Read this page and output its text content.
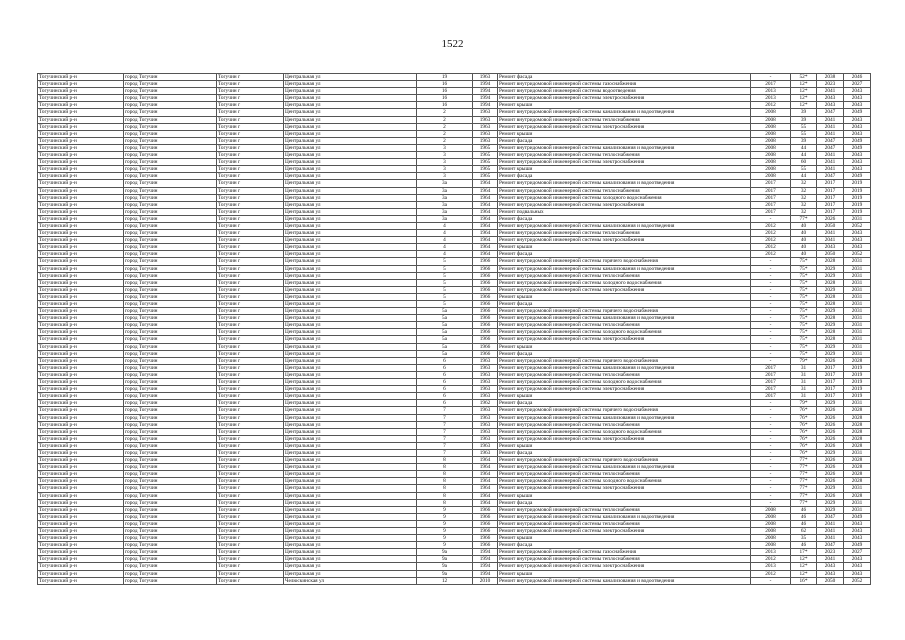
1522
Тогучинский р-н	город Тогучин	Тогучин г	Центральная ул	19	1963	Ремонт фасада	-	52*	2038	2046
Тогучинский р-н	город Тогучин	Тогучин г	Центральная ул	16	1994	Ремонт внутридомовой инженерной системы газоснабжения	2017	12*	2023	2027
Тогучинский р-н	город Тогучин	Тогучин г	Центральная ул	16	1994	Ремонт внутридомовой инженерной системы водоотведения	2013	12*	2041	2043
Тогучинский р-н	город Тогучин	Тогучин г	Центральная ул	16	1994	Ремонт внутридомовой инженерной системы электроснабжения	2013	12*	2043	2043
Тогучинский р-н	город Тогучин	Тогучин г	Центральная ул	16	1994	Ремонт крыши	2012	12*	2043	2043
Тогучинский р-н	город Тогучин	Тогучин г	Центральная ул	2	1963	Ремонт внутридомовой инженерной системы канализования и водоотведения	2008	39	2047	2049
Тогучинский р-н	город Тогучин	Тогучин г	Центральная ул	2	1963	Ремонт внутридомовой инженерной системы теплоснабжения	2008	39	2041	2043
Тогучинский р-н	город Тогучин	Тогучин г	Центральная ул	2	1963	Ремонт внутридомовой инженерной системы электроснабжения	2008	55	2041	2043
Тогучинский р-н	город Тогучин	Тогучин г	Центральная ул	2	1963	Ремонт крыши	2008	55	2041	2043
Тогучинский р-н	город Тогучин	Тогучин г	Центральная ул	2	1963	Ремонт фасада	2008	39	2047	2049
Тогучинский р-н	город Тогучин	Тогучин г	Центральная ул	3	1965	Ремонт внутридомовой инженерной системы канализования и водоотведения	2008	44	2047	2049
Тогучинский р-н	город Тогучин	Тогучин г	Центральная ул	3	1965	Ремонт внутридомовой инженерной системы теплоснабжения	2008	44	2041	2043
Тогучинский р-н	город Тогучин	Тогучин г	Центральная ул	3	1965	Ремонт внутридомовой инженерной системы электроснабжения	2008	60	2041	2043
Тогучинский р-н	город Тогучин	Тогучин г	Центральная ул	3	1965	Ремонт крыши	2008	55	2041	2043
Тогучинский р-н	город Тогучин	Тогучин г	Центральная ул	3	1965	Ремонт фасада	2008	44	2047	2049
Тогучинский р-н	город Тогучин	Тогучин г	Центральная ул	3а	1964	Ремонт внутридомовой инженерной системы канализования и водоотведения	2017	32	2017	2019
Тогучинский р-н	город Тогучин	Тогучин г	Центральная ул	3а	1964	Ремонт внутридомовой инженерной системы теплоснабжения	2017	32	2017	2019
Тогучинский р-н	город Тогучин	Тогучин г	Центральная ул	3а	1964	Ремонт внутридомовой инженерной системы холодного водоснабжения	2017	32	2017	2019
Тогучинский р-н	город Тогучин	Тогучин г	Центральная ул	3а	1964	Ремонт внутридомовой инженерной системы электроснабжения	2017	32	2017	2019
Тогучинский р-н	город Тогучин	Тогучин г	Центральная ул	3а	1964	Ремонт подвальных	2017	32	2017	2019
Тогучинский р-н	город Тогучин	Тогучин г	Центральная ул	3а	1964	Ремонт фасада	-	77*	2026	2031
Тогучинский р-н	город Тогучин	Тогучин г	Центральная ул	4	1964	Ремонт внутридомовой инженерной системы канализования и водоотведения	2012	40	2050	2052
Тогучинский р-н	город Тогучин	Тогучин г	Центральная ул	4	1964	Ремонт внутридомовой инженерной системы теплоснабжения	2012	40	2041	2043
Тогучинский р-н	город Тогучин	Тогучин г	Центральная ул	4	1964	Ремонт внутридомовой инженерной системы электроснабжения	2012	40	2041	2043
Тогучинский р-н	город Тогучин	Тогучин г	Центральная ул	4	1964	Ремонт крыши	2012	40	2043	2043
Тогучинский р-н	город Тогучин	Тогучин г	Центральная ул	4	1964	Ремонт фасада	2012	40	2050	2052
Тогучинский р-н	город Тогучин	Тогучин г	Центральная ул	5	1966	Ремонт внутридомовой инженерной системы горячего водоснабжения	-	75*	2028	2031
Тогучинский р-н	город Тогучин	Тогучин г	Центральная ул	5	1966	Ремонт внутридомовой инженерной системы канализования и водоотведения	-	75*	2029	2031
Тогучинский р-н	город Тогучин	Тогучин г	Центральная ул	5	1966	Ремонт внутридомовой инженерной системы теплоснабжения	-	75*	2029	2031
Тогучинский р-н	город Тогучин	Тогучин г	Центральная ул	5	1966	Ремонт внутридомовой инженерной системы холодного водоснабжения	-	75*	2028	2031
Тогучинский р-н	город Тогучин	Тогучин г	Центральная ул	5	1966	Ремонт внутридомовой инженерной системы электроснабжения	-	75*	2029	2031
Тогучинский р-н	город Тогучин	Тогучин г	Центральная ул	5	1966	Ремонт крыши	-	75*	2028	2031
Тогучинский р-н	город Тогучин	Тогучин г	Центральная ул	5	1966	Ремонт фасада	-	75*	2028	2031
Тогучинский р-н	город Тогучин	Тогучин г	Центральная ул	5а	1966	Ремонт внутридомовой инженерной системы горячего водоснабжения	-	75*	2029	2031
Тогучинский р-н	город Тогучин	Тогучин г	Центральная ул	5а	1966	Ремонт внутридомовой инженерной системы канализования и водоотведения	-	75*	2028	2031
Тогучинский р-н	город Тогучин	Тогучин г	Центральная ул	5а	1966	Ремонт внутридомовой инженерной системы теплоснабжения	-	75*	2029	2031
Тогучинский р-н	город Тогучин	Тогучин г	Центральная ул	5а	1966	Ремонт внутридомовой инженерной системы холодного водоснабжения	-	75*	2028	2031
Тогучинский р-н	город Тогучин	Тогучин г	Центральная ул	5а	1966	Ремонт внутридомовой инженерной системы электроснабжения	-	75*	2028	2031
Тогучинский р-н	город Тогучин	Тогучин г	Центральная ул	5а	1966	Ремонт крыши	-	75*	2029	2031
Тогучинский р-н	город Тогучин	Тогучин г	Центральная ул	5а	1966	Ремонт фасада	-	75*	2029	2031
Тогучинский р-н	город Тогучин	Тогучин г	Центральная ул	6	1963	Ремонт внутридомовой инженерной системы горячего водоснабжения	-	79*	2026	2028
Тогучинский р-н	город Тогучин	Тогучин г	Центральная ул	6	1963	Ремонт внутридомовой инженерной системы канализования и водоотведения	2017	31	2017	2019
Тогучинский р-н	город Тогучин	Тогучин г	Центральная ул	6	1963	Ремонт внутридомовой инженерной системы теплоснабжения	2017	31	2017	2019
Тогучинский р-н	город Тогучин	Тогучин г	Центральная ул	6	1963	Ремонт внутридомовой инженерной системы холодного водоснабжения	2017	31	2017	2019
Тогучинский р-н	город Тогучин	Тогучин г	Центральная ул	6	1963	Ремонт внутридомовой инженерной системы электроснабжения	2017	31	2017	2019
Тогучинский р-н	город Тогучин	Тогучин г	Центральная ул	6	1963	Ремонт крыши	2017	31	2017	2019
Тогучинский р-н	город Тогучин	Тогучин г	Центральная ул	6	1962	Ремонт фасада	-	79*	2029	2031
Тогучинский р-н	город Тогучин	Тогучин г	Центральная ул	7	1963	Ремонт внутридомовой инженерной системы горячего водоснабжения	-	76*	2026	2028
Тогучинский р-н	город Тогучин	Тогучин г	Центральная ул	7	1963	Ремонт внутридомовой инженерной системы канализования и водоотведения	-	76*	2026	2028
Тогучинский р-н	город Тогучин	Тогучин г	Центральная ул	7	1963	Ремонт внутридомовой инженерной системы теплоснабжения	-	76*	2026	2028
Тогучинский р-н	город Тогучин	Тогучин г	Центральная ул	7	1963	Ремонт внутридомовой инженерной системы холодного водоснабжения	-	76*	2026	2028
Тогучинский р-н	город Тогучин	Тогучин г	Центральная ул	7	1963	Ремонт внутридомовой инженерной системы электроснабжения	-	76*	2026	2028
Тогучинский р-н	город Тогучин	Тогучин г	Центральная ул	7	1963	Ремонт крыши	-	76*	2026	2028
Тогучинский р-н	город Тогучин	Тогучин г	Центральная ул	7	1963	Ремонт фасада	-	76*	2029	2031
Тогучинский р-н	город Тогучин	Тогучин г	Центральная ул	8	1964	Ремонт внутридомовой инженерной системы горячего водоснабжения	-	77*	2026	2028
Тогучинский р-н	город Тогучин	Тогучин г	Центральная ул	8	1964	Ремонт внутридомовой инженерной системы канализования и водоотведения	-	77*	2026	2028
Тогучинский р-н	город Тогучин	Тогучин г	Центральная ул	8	1964	Ремонт внутридомовой инженерной системы теплоснабжения	-	77*	2026	2028
Тогучинский р-н	город Тогучин	Тогучин г	Центральная ул	8	1964	Ремонт внутридомовой инженерной системы холодного водоснабжения	-	77*	2026	2028
Тогучинский р-н	город Тогучин	Тогучин г	Центральная ул	8	1964	Ремонт внутридомовой инженерной системы электроснабжения	-	77*	2029	2031
Тогучинский р-н	город Тогучин	Тогучин г	Центральная ул	8	1964	Ремонт крыши	-	77*	2026	2028
Тогучинский р-н	город Тогучин	Тогучин г	Центральная ул	8	1964	Ремонт фасада	-	77*	2029	2031
Тогучинский р-н	город Тогучин	Тогучин г	Центральная ул	9	1966	Ремонт внутридомовой инженерной системы теплоснабжения	2008	46	2029	2031
Тогучинский р-н	город Тогучин	Тогучин г	Центральная ул	9	1966	Ремонт внутридомовой инженерной системы канализования и водоотведения	2008	46	2047	2049
Тогучинский р-н	город Тогучин	Тогучин г	Центральная ул	9	1966	Ремонт внутридомовой инженерной системы теплоснабжения	2008	46	2041	2043
Тогучинский р-н	город Тогучин	Тогучин г	Центральная ул	9	1966	Ремонт внутридомовой инженерной системы электроснабжения	2008	62	2041	2043
Тогучинский р-н	город Тогучин	Тогучин г	Центральная ул	9	1966	Ремонт крыши	2008	35	2041	2043
Тогучинский р-н	город Тогучин	Тогучин г	Центральная ул	9	1966	Ремонт фасада	2008	46	2047	2049
Тогучинский р-н	город Тогучин	Тогучин г	Центральная ул	9а	1994	Ремонт внутридомовой инженерной системы газоснабжения	2013	17*	2023	2027
Тогучинский р-н	город Тогучин	Тогучин г	Центральная ул	9а	1994	Ремонт внутридомовой инженерной системы теплоснабжения	2012	12*	2041	2043
Тогучинский р-н	город Тогучин	Тогучин г	Центральная ул	9а	1994	Ремонт внутридомовой инженерной системы электроснабжения	2013	12*	2043	2043
Тогучинский р-н	город Тогучин	Тогучин г	Центральная ул	9а	1994	Ремонт крыши	2012	12*	2043	2043
Тогучинский р-н	город Тогучин	Тогучин г	Челюскинская ул	12	2010	Ремонт внутридомовой инженерной системы канализования и водоотведения	-	16*	2050	2052
